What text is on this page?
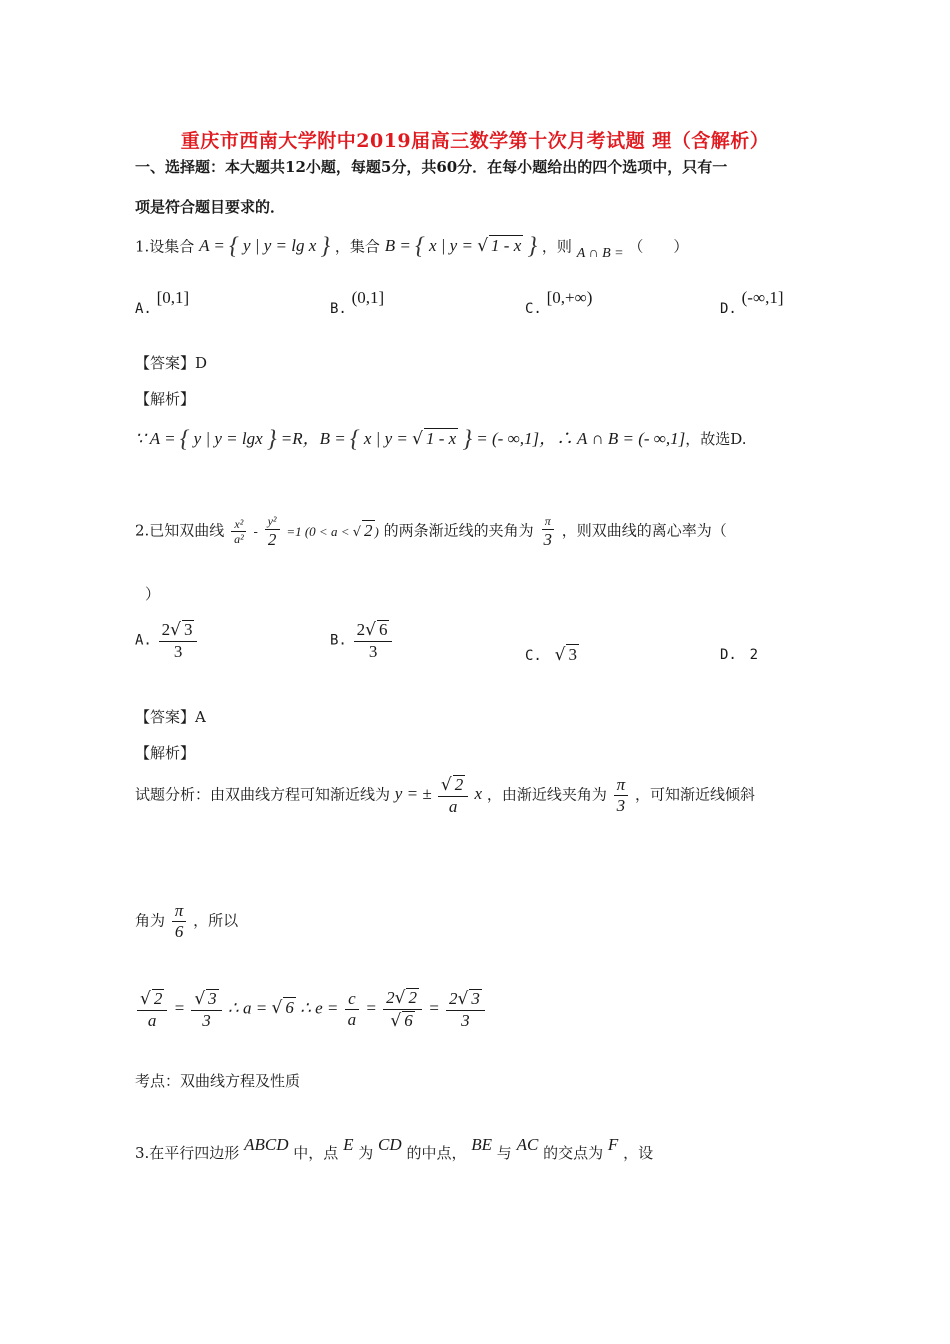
重庆市西南大学附中2019届高三数学第十次月考试题 理（含解析）
一、选择题：本大题共12小题，每题5分，共60分．在每小题给出的四个选项中，只有一
项是符合题目要求的．
1.设集合 A = { y | y = lg x } ，集合 B = { x | y = √ 1 - x } ，则 A ∩ B = （　　）
A. [0,1]
B. (0,1]
C. [0,+∞)
D. (-∞,1]
【答案】D
【解析】
∵ A = { y | y = lgx } =R，B = { x | y = √ 1 - x } = (- ∞,1]，∴ A ∩ B = (- ∞,1]，故选D.
2.已知双曲线 $\frac{\text{x²}}{\text{a²}} - \frac{\text{y²}}{2} =1$ (0 < a < √ 2 ) 的两条渐近线的夹角为 $\frac{\pi}{3}$ ，则双曲线的离心率为（
）
A. $\frac{2√ 3}{3}$	B. $\frac{2√ 6}{3}$	C. √ 3	D. 2
【答案】A
【解析】
试题分析：由双曲线方程可知渐近线为 y = ± $\frac{√ 2}{a}$ x ，由渐近线夹角为 $\frac{\pi}{3}$ ，可知渐近线倾斜
角为 $\frac{\pi}{6}$ ，所以
$\frac{√ 2}{a} = \frac{√ 3}{3}$ ∴ a = √ 6 ∴ $e = \frac{c}{a} = \frac{2√ 2}{√ 6} = \frac{2√ 3}{3}$
考点：双曲线方程及性质
3.在平行四边形 ABCD 中，点 E 为 CD 的中点， BE 与 AC 的交点为 F ，设
